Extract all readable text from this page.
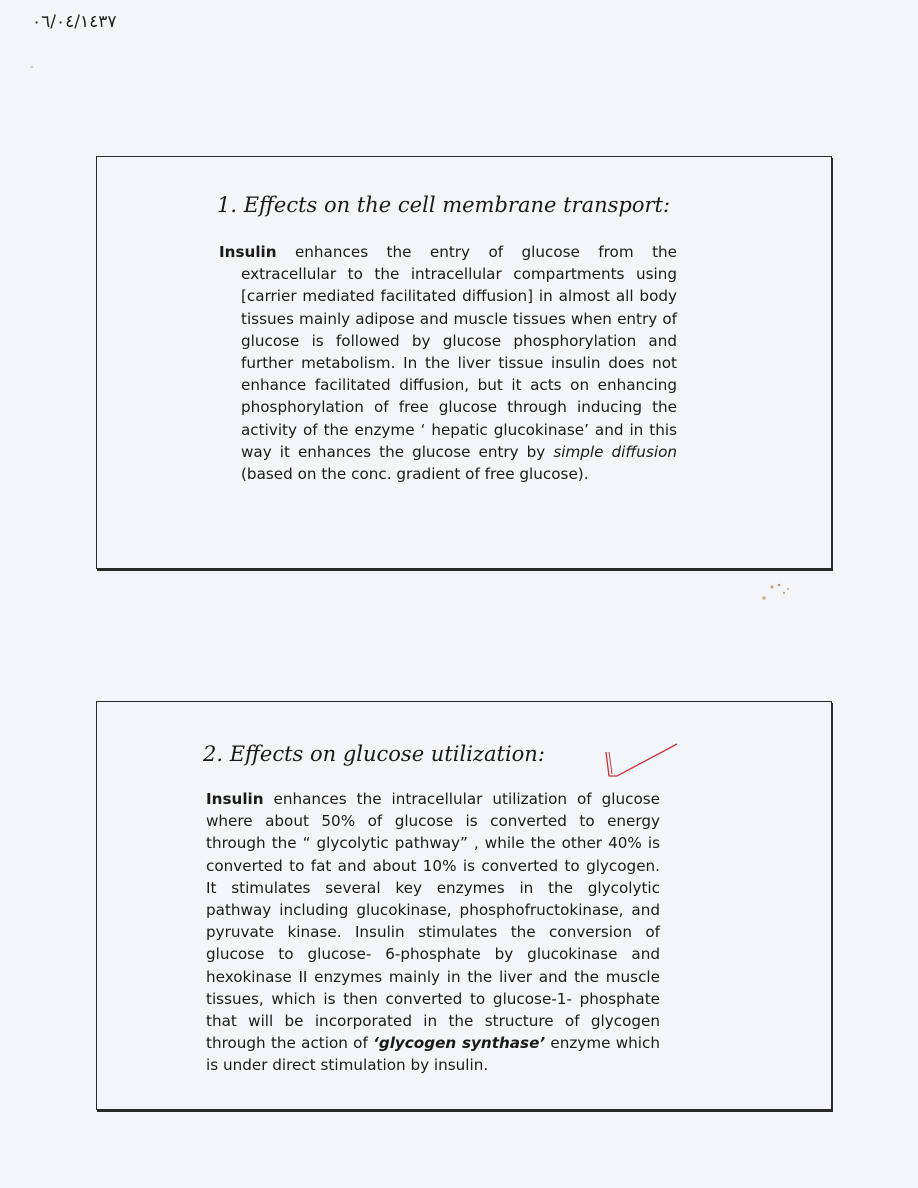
٠٦/٠٤/١٤٣٧
-
1. Effects on the cell membrane transport:
Insulin enhances the entry of glucose from the extracellular to the intracellular compartments using [carrier mediated facilitated diffusion] in almost all body tissues mainly adipose and muscle tissues when entry of glucose is followed by glucose phosphorylation and further metabolism. In the liver tissue insulin does not enhance facilitated diffusion, but it acts on enhancing phosphorylation of free glucose through inducing the activity of the enzyme ‘ hepatic glucokinase’ and in this way it enhances the glucose entry by simple diffusion (based on the conc. gradient of free glucose).
2. Effects on glucose utilization:
Insulin enhances the intracellular utilization of glucose where about 50% of glucose is converted to energy through the “ glycolytic pathway” , while the other 40% is converted to fat and about 10% is converted to glycogen. It stimulates several key enzymes in the glycolytic pathway including glucokinase, phosphofructokinase, and pyruvate kinase. Insulin stimulates the conversion of glucose to glucose- 6-phosphate by glucokinase and hexokinase II enzymes mainly in the liver and the muscle tissues, which is then converted to glucose-1- phosphate that will be incorporated in the structure of glycogen through the action of ‘glycogen synthase’ enzyme which is under direct stimulation by insulin.
